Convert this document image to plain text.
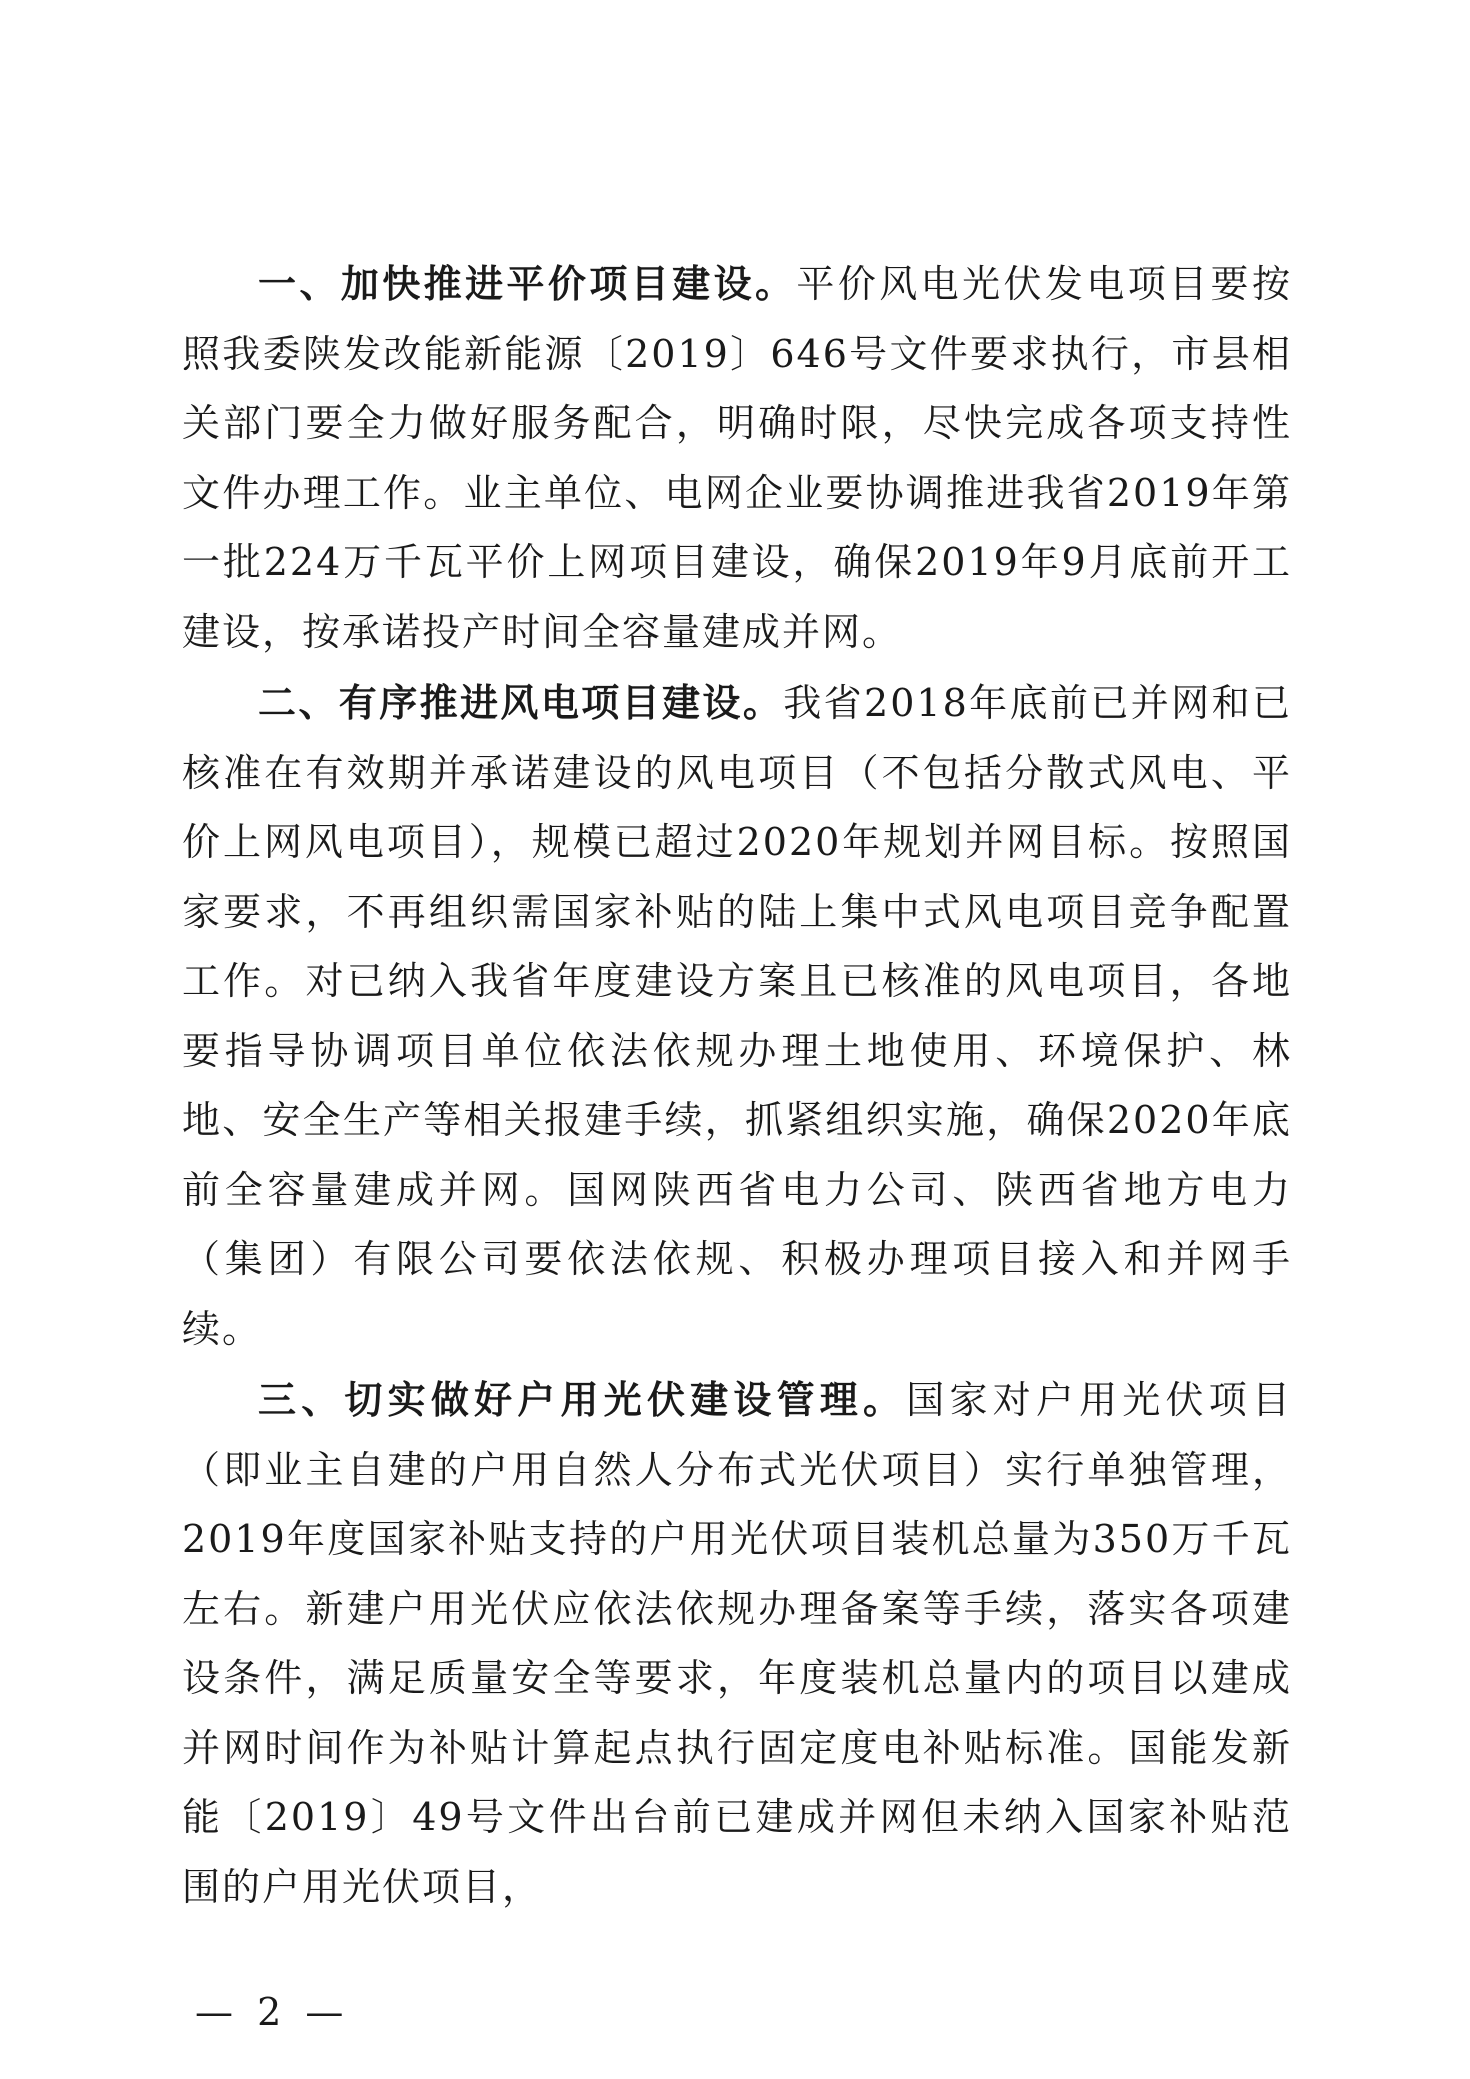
一、加快推进平价项目建设。平价风电光伏发电项目要按照我委陕发改能新能源〔2019〕646号文件要求执行，市县相关部门要全力做好服务配合，明确时限，尽快完成各项支持性文件办理工作。业主单位、电网企业要协调推进我省2019年第一批224万千瓦平价上网项目建设，确保2019年9月底前开工建设，按承诺投产时间全容量建成并网。

二、有序推进风电项目建设。我省2018年底前已并网和已核准在有效期并承诺建设的风电项目（不包括分散式风电、平价上网风电项目），规模已超过2020年规划并网目标。按照国家要求，不再组织需国家补贴的陆上集中式风电项目竞争配置工作。对已纳入我省年度建设方案且已核准的风电项目，各地要指导协调项目单位依法依规办理土地使用、环境保护、林地、安全生产等相关报建手续，抓紧组织实施，确保2020年底前全容量建成并网。国网陕西省电力公司、陕西省地方电力（集团）有限公司要依法依规、积极办理项目接入和并网手续。

三、切实做好户用光伏建设管理。国家对户用光伏项目（即业主自建的户用自然人分布式光伏项目）实行单独管理，2019年度国家补贴支持的户用光伏项目装机总量为350万千瓦左右。新建户用光伏应依法依规办理备案等手续，落实各项建设条件，满足质量安全等要求，年度装机总量内的项目以建成并网时间作为补贴计算起点执行固定度电补贴标准。国能发新能〔2019〕49号文件出台前已建成并网但未纳入国家补贴范围的户用光伏项目，

— 2 —
